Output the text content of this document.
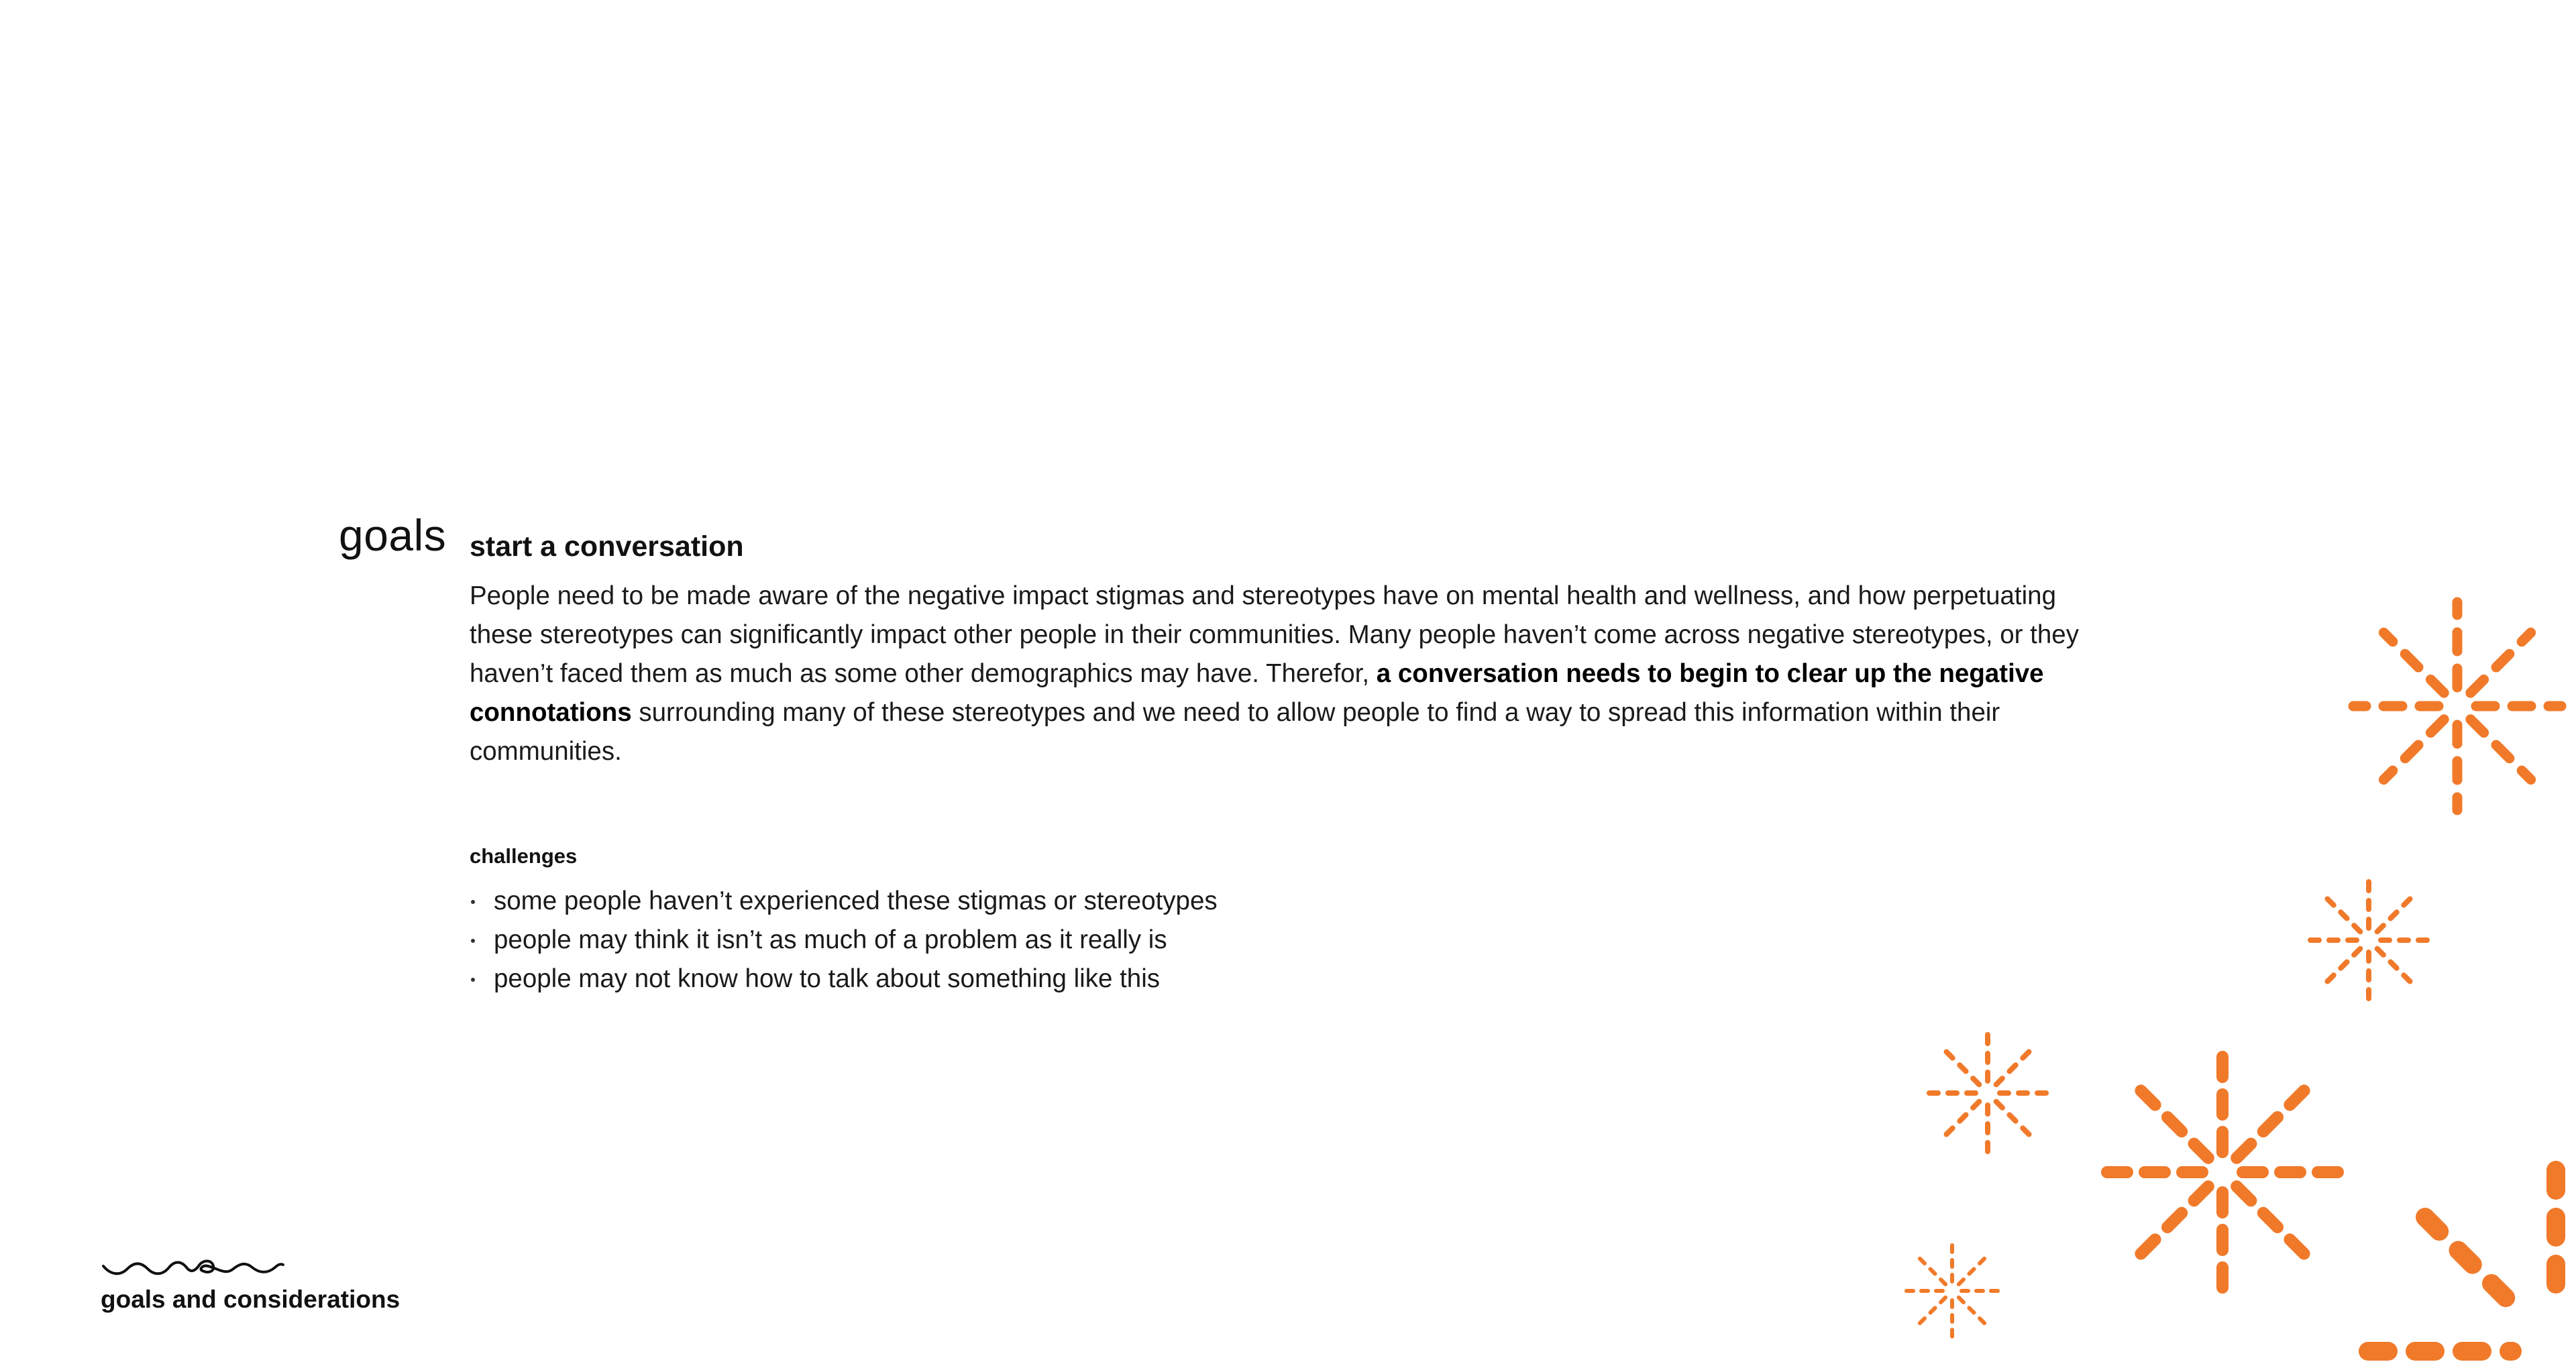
goals start a conversation

People need to be made aware of the negative impact stigmas and stereotypes have on mental health and wellness, and how perpetuating these stereotypes can significantly impact other people in their communities. Many people haven’t come across negative stereotypes, or they haven’t faced them as much as some other demographics may have. Therefor, a conversation needs to begin to clear up the negative connotations surrounding many of these stereotypes and we need to allow people to find a way to spread this information within their communities.

challenges
some people haven’t experienced these stigmas or stereotypes
people may think it isn’t as much of a problem as it really is
people may not know how to talk about something like this
goals and considerations
